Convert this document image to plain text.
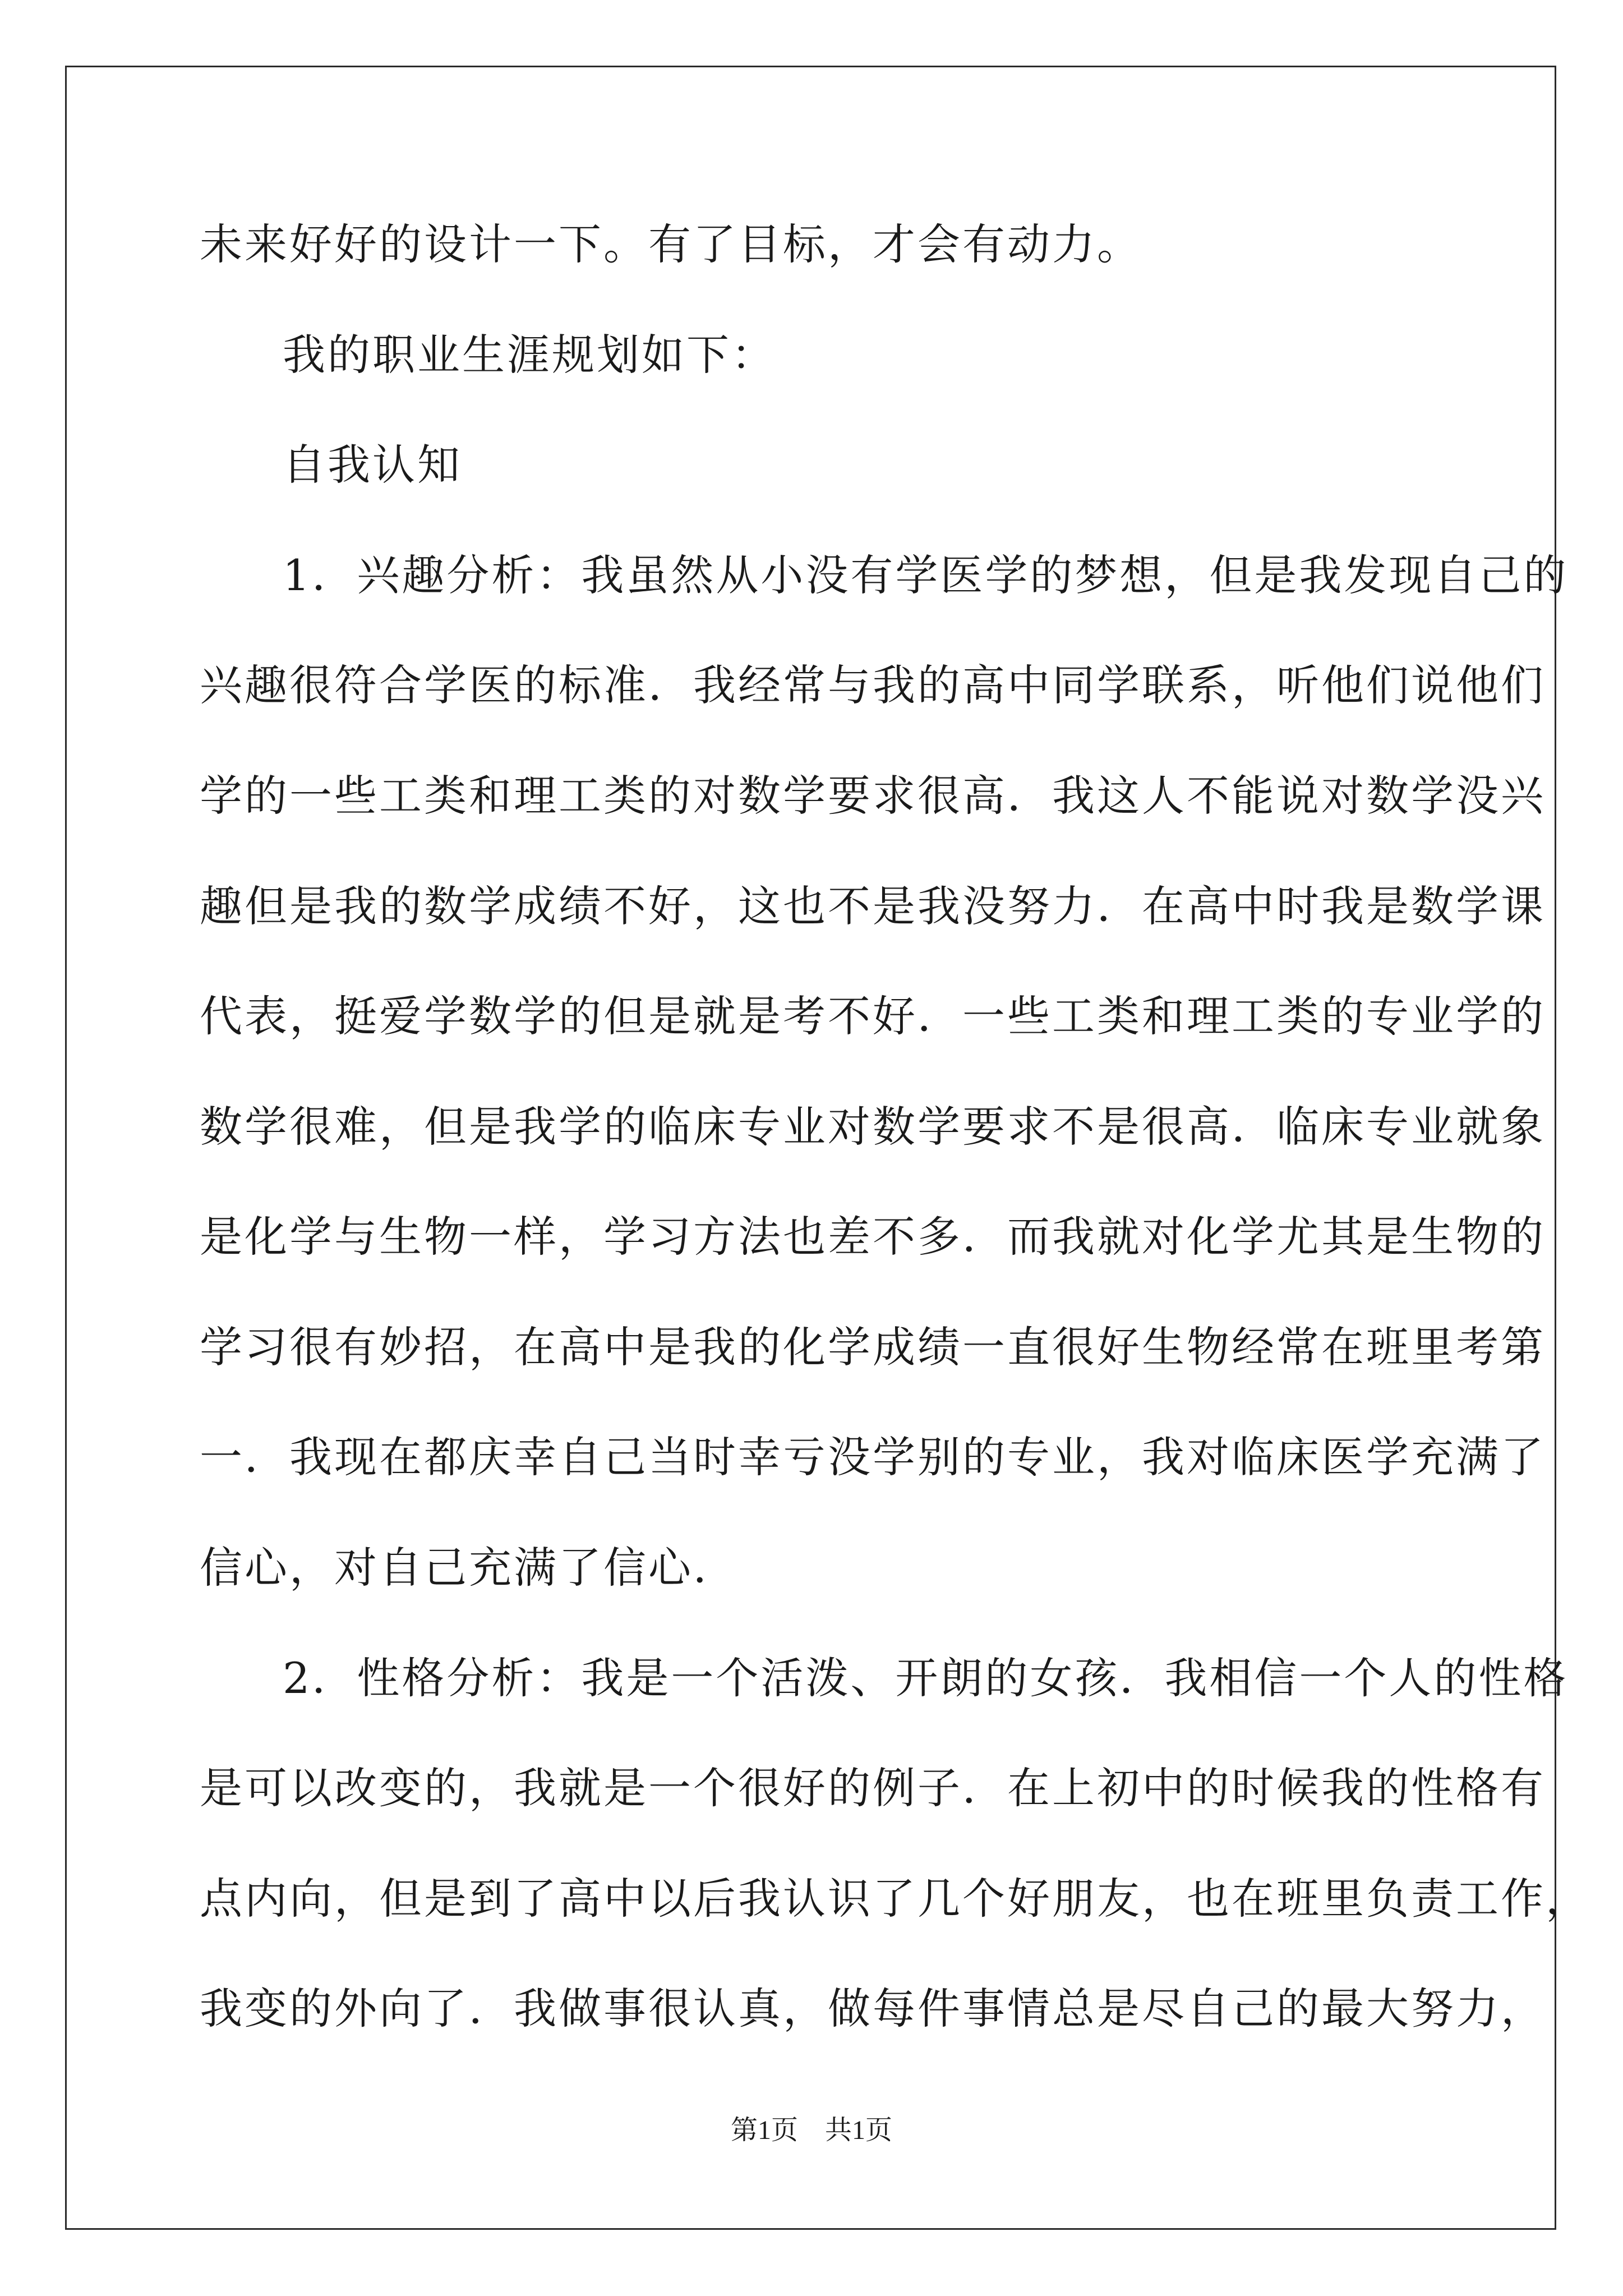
未来好好的设计一下。有了目标，才会有动力。
我的职业生涯规划如下：
自我认知
1．兴趣分析：我虽然从小没有学医学的梦想，但是我发现自己的
兴趣很符合学医的标准．我经常与我的高中同学联系，听他们说他们
学的一些工类和理工类的对数学要求很高．我这人不能说对数学没兴
趣但是我的数学成绩不好，这也不是我没努力．在高中时我是数学课
代表，挺爱学数学的但是就是考不好．一些工类和理工类的专业学的
数学很难，但是我学的临床专业对数学要求不是很高．临床专业就象
是化学与生物一样，学习方法也差不多．而我就对化学尤其是生物的
学习很有妙招，在高中是我的化学成绩一直很好生物经常在班里考第
一．我现在都庆幸自己当时幸亏没学别的专业，我对临床医学充满了
信心，对自己充满了信心．
2．性格分析：我是一个活泼、开朗的女孩．我相信一个人的性格
是可以改变的，我就是一个很好的例子．在上初中的时候我的性格有
点内向，但是到了高中以后我认识了几个好朋友，也在班里负责工作，
我变的外向了．我做事很认真，做每件事情总是尽自己的最大努力，
第1页　共1页
